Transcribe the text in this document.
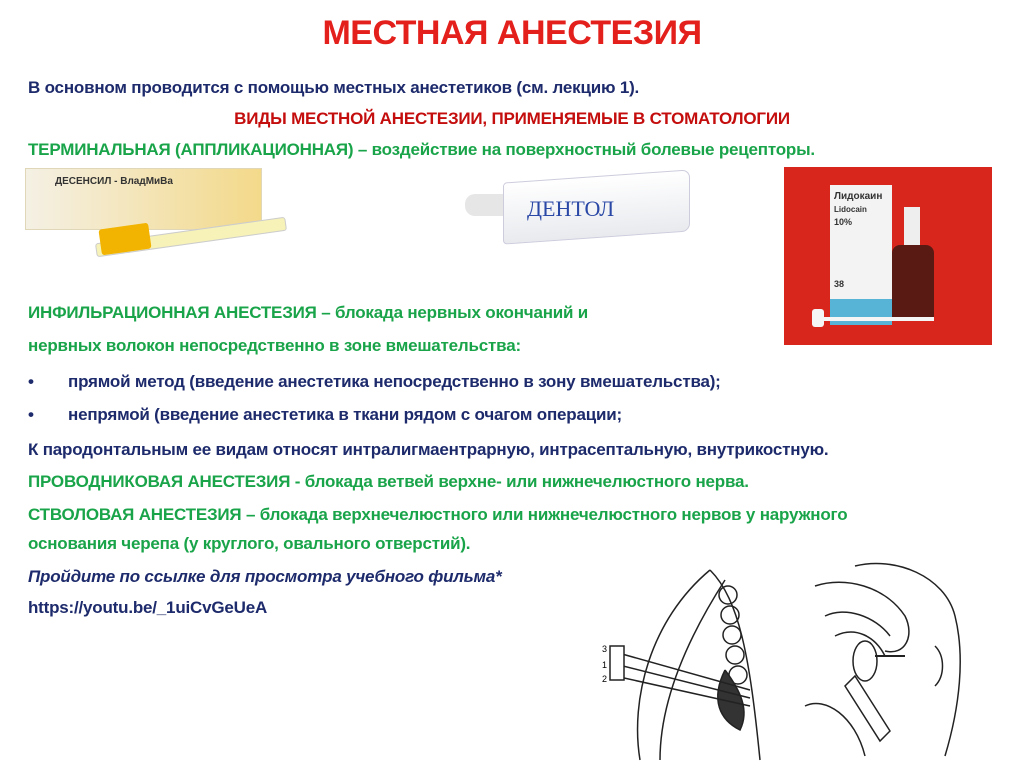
МЕСТНАЯ АНЕСТЕЗИЯ
В основном проводится с помощью местных анестетиков (см. лекцию 1).
ВИДЫ МЕСТНОЙ АНЕСТЕЗИИ, ПРИМЕНЯЕМЫЕ В СТОМАТОЛОГИИ
ТЕРМИНАЛЬНАЯ (АППЛИКАЦИОННАЯ) – воздействие на поверхностный болевые рецепторы.
ДЕСЕНСИЛ - ВладМиВа
ДЕНТОЛ	Лидокаин
Lidocain
10%
38
ИНФИЛЬРАЦИОННАЯ АНЕСТЕЗИЯ – блокада нервных окончаний и
нервных волокон непосредственно в зоне вмешательства:
• прямой метод (введение анестетика непосредственно в зону вмешательства);
• непрямой (введение анестетика в ткани рядом с очагом операции;
К пародонтальным ее видам относят интралигмаентрарную, интрасептальную, внутрикостную.
ПРОВОДНИКОВАЯ АНЕСТЕЗИЯ - блокада ветвей верхне- или нижнечелюстного нерва.
СТВОЛОВАЯ АНЕСТЕЗИЯ – блокада верхнечелюстного или нижнечелюстного нервов у наружного
основания черепа (у круглого, овального отверстий).
Пройдите по ссылке для просмотра учебного фильма*
https://youtu.be/_1uiCvGeUeA
3
1
2
